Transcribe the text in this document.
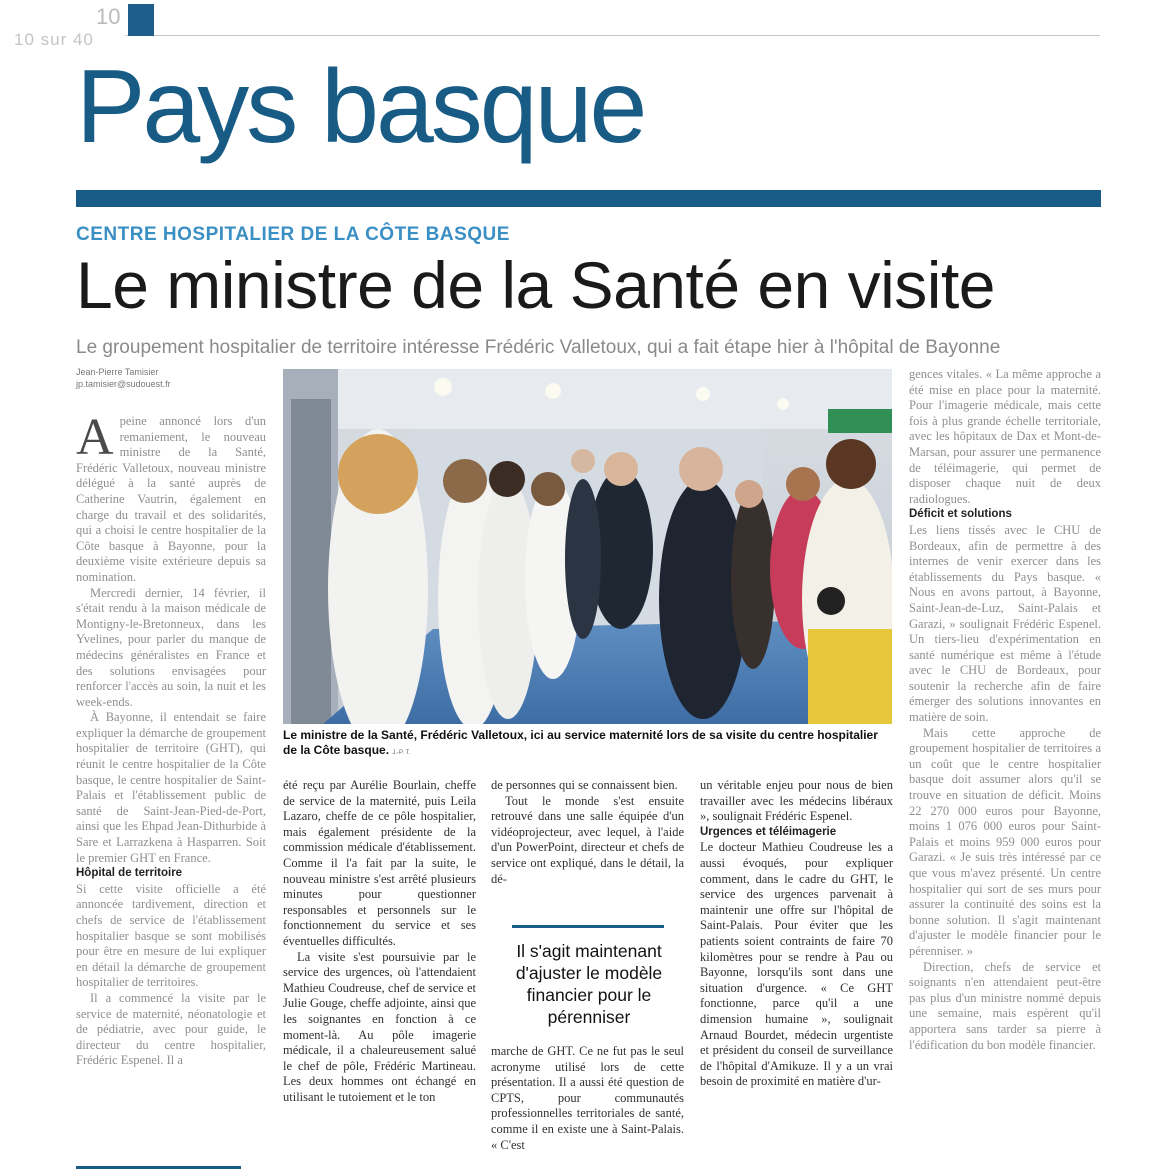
10
10 sur 40
Pays basque
CENTRE HOSPITALIER DE LA CÔTE BASQUE
Le ministre de la Santé en visite
Le groupement hospitalier de territoire intéresse Frédéric Valletoux, qui a fait étape hier à l'hôpital de Bayonne
Jean-Pierre Tamisier
jp.tamisier@sudouest.fr

Apeine annoncé lors d'un remaniement, le nouveau ministre de la Santé, Frédéric Valletoux, nouveau ministre délégué à la santé auprès de Catherine Vautrin, également en charge du travail et des solidarités, qui a choisi le centre hospitalier de la Côte basque à Bayonne, pour la deuxième visite extérieure depuis sa nomination.

Mercredi dernier, 14 février, il s'était rendu à la maison médicale de Montigny-le-Bretonneux, dans les Yvelines, pour parler du manque de médecins généralistes en France et des solutions envisagées pour renforcer l'accès au soin, la nuit et les week-ends.

À Bayonne, il entendait se faire expliquer la démarche de groupement hospitalier de territoire (GHT), qui réunit le centre hospitalier de la Côte basque, le centre hospitalier de Saint-Palais et l'établissement public de santé de Saint-Jean-Pied-de-Port, ainsi que les Ehpad Jean-Dithurbide à Sare et Larrazkena à Hasparren. Soit le premier GHT en France.

Hôpital de territoire

Si cette visite officielle a été annoncée tardivement, direction et chefs de service de l'établissement hospitalier basque se sont mobilisés pour être en mesure de lui expliquer en détail la démarche de groupement hospitalier de territoires.

Il a commencé la visite par le service de maternité, néonatologie et de pédiatrie, avec pour guide, le directeur du centre hospitalier, Frédéric Espenel. Il a

Le ministre de la Santé, Frédéric Valletoux, ici au service maternité lors de sa visite du centre hospitalier de la Côte basque. J.-P. T.

été reçu par Aurélie Bourlain, cheffe de service de la maternité, puis Leila Lazaro, cheffe de ce pôle hospitalier, mais également présidente de la commission médicale d'établissement. Comme il l'a fait par la suite, le nouveau ministre s'est arrêté plusieurs minutes pour questionner responsables et personnels sur le fonctionnement du service et ses éventuelles difficultés.

La visite s'est poursuivie par le service des urgences, où l'attendaient Mathieu Coudreuse, chef de service et Julie Gouge, cheffe adjointe, ainsi que les soignantes en fonction à ce moment-là. Au pôle imagerie médicale, il a chaleureusement salué le chef de pôle, Frédéric Martineau. Les deux hommes ont échangé en utilisant le tutoiement et le ton

de personnes qui se connaissent bien.

Tout le monde s'est ensuite retrouvé dans une salle équipée d'un vidéoprojecteur, avec lequel, à l'aide d'un PowerPoint, directeur et chefs de service ont expliqué, dans le détail, la dé-

Il s'agit maintenant d'ajuster le modèle financier pour le pérenniser

marche de GHT. Ce ne fut pas le seul acronyme utilisé lors de cette présentation. Il a aussi été question de CPTS, pour communautés professionnelles territoriales de santé, comme il en existe une à Saint-Palais. « C'est

un véritable enjeu pour nous de bien travailler avec les médecins libéraux », soulignait Frédéric Espenel.

Urgences et téléimagerie

Le docteur Mathieu Coudreuse les a aussi évoqués, pour expliquer comment, dans le cadre du GHT, le service des urgences parvenait à maintenir une offre sur l'hôpital de Saint-Palais. Pour éviter que les patients soient contraints de faire 70 kilomètres pour se rendre à Pau ou Bayonne, lorsqu'ils sont dans une situation d'urgence. « Ce GHT fonctionne, parce qu'il a une dimension humaine », soulignait Arnaud Bourdet, médecin urgentiste et président du conseil de surveillance de l'hôpital d'Amikuze. Il y a un vrai besoin de proximité en matière d'ur-

gences vitales. « La même approche a été mise en place pour la maternité. Pour l'imagerie médicale, mais cette fois à plus grande échelle territoriale, avec les hôpitaux de Dax et Mont-de-Marsan, pour assurer une permanence de téléimagerie, qui permet de disposer chaque nuit de deux radiologues.

Déficit et solutions

Les liens tissés avec le CHU de Bordeaux, afin de permettre à des internes de venir exercer dans les établissements du Pays basque. « Nous en avons partout, à Bayonne, Saint-Jean-de-Luz, Saint-Palais et Garazi, » soulignait Frédéric Espenel. Un tiers-lieu d'expérimentation en santé numérique est même à l'étude avec le CHU de Bordeaux, pour soutenir la recherche afin de faire émerger des solutions innovantes en matière de soin.

Mais cette approche de groupement hospitalier de territoires a un coût que le centre hospitalier basque doit assumer alors qu'il se trouve en situation de déficit. Moins 22 270 000 euros pour Bayonne, moins 1 076 000 euros pour Saint-Palais et moins 959 000 euros pour Garazi. « Je suis très intéressé par ce que vous m'avez présenté. Un centre hospitalier qui sort de ses murs pour assurer la continuité des soins est la bonne solution. Il s'agit maintenant d'ajuster le modèle financier pour le pérenniser. »

Direction, chefs de service et soignants n'en attendaient peut-être pas plus d'un ministre nommé depuis une semaine, mais espèrent qu'il apportera sans tarder sa pierre à l'édification du bon modèle financier.
